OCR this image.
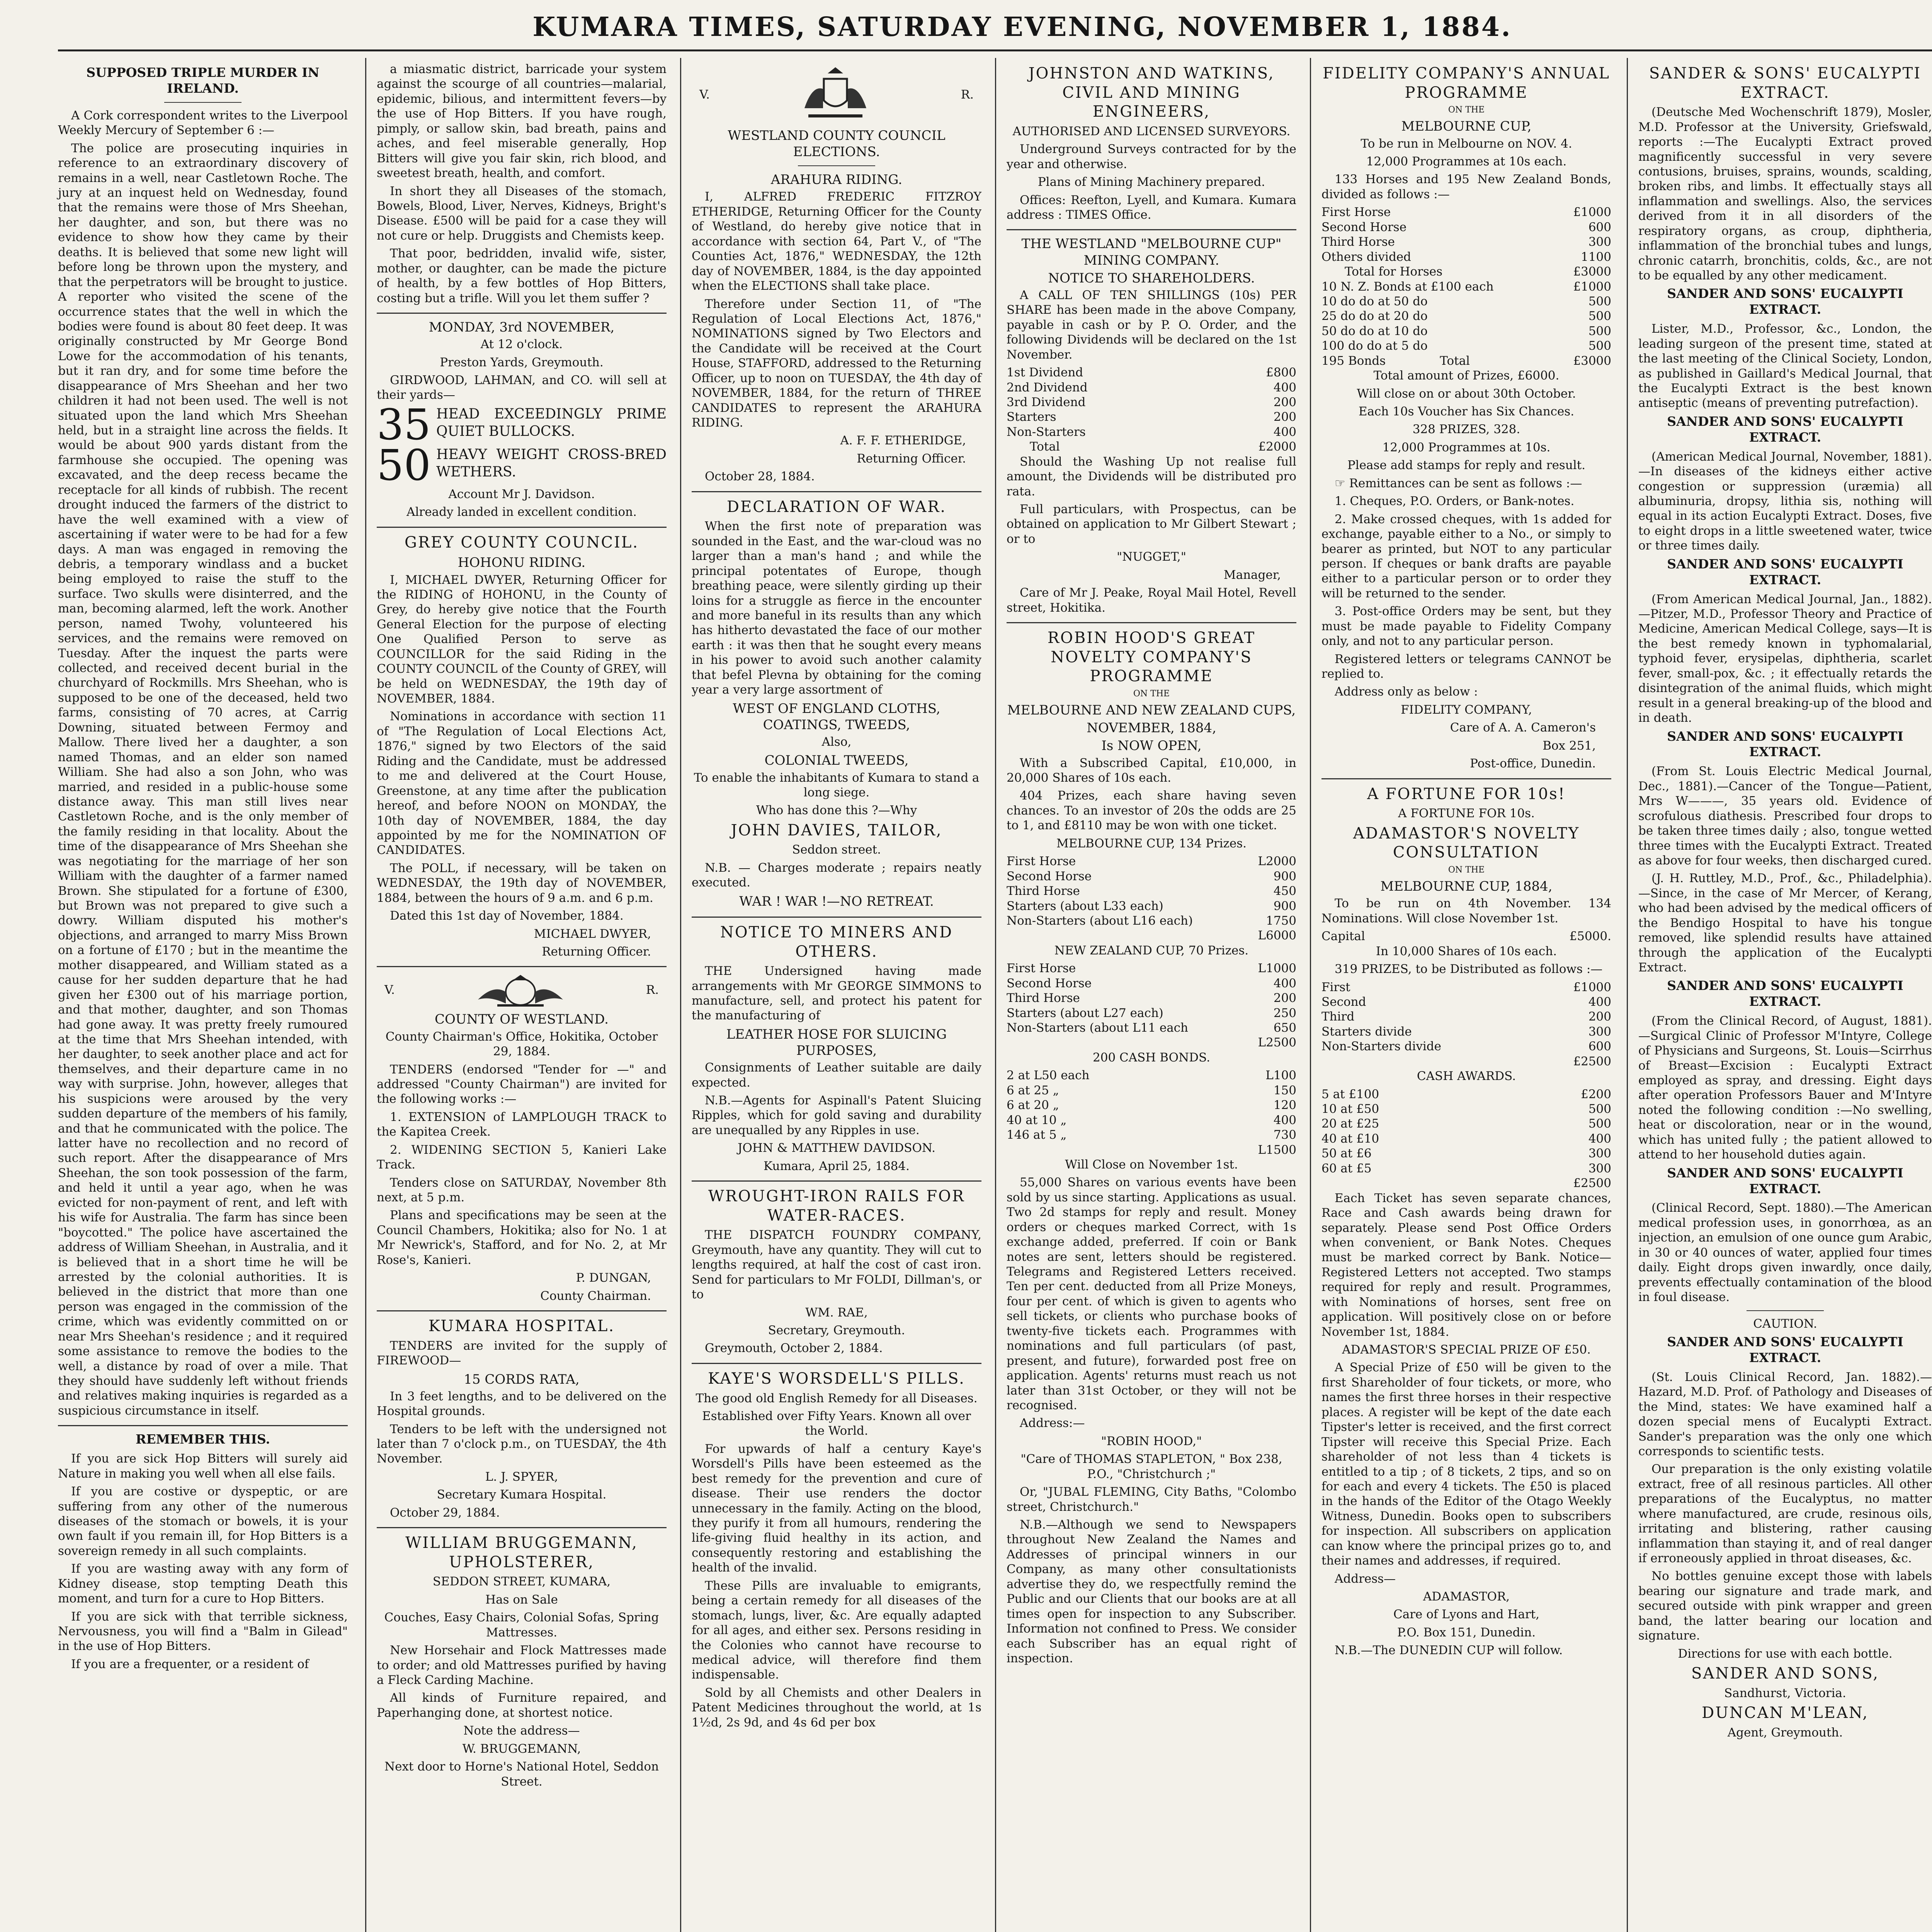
KUMARA TIMES, SATURDAY EVENING, NOVEMBER 1, 1884.

SUPPOSED TRIPLE MURDER IN IRELAND.

A Cork correspondent writes to the Liverpool Weekly Mercury of September 6 :—

The police are prosecuting inquiries in reference to an extraordinary discovery of remains in a well, near Castletown Roche. The jury at an inquest held on Wednesday, found that the remains were those of Mrs Sheehan, her daughter, and son, but there was no evidence to show how they came by their deaths. It is believed that some new light will before long be thrown upon the mystery, and that the perpetrators will be brought to justice. A reporter who visited the scene of the occurrence states that the well in which the bodies were found is about 80 feet deep. It was originally constructed by Mr George Bond Lowe for the accommodation of his tenants, but it ran dry, and for some time before the disappearance of Mrs Sheehan and her two children it had not been used. The well is not situated upon the land which Mrs Sheehan held, but in a straight line across the fields. It would be about 900 yards distant from the farmhouse she occupied. The opening was excavated, and the deep recess became the receptacle for all kinds of rubbish. The recent drought induced the farmers of the district to have the well examined with a view of ascertaining if water were to be had for a few days. A man was engaged in removing the debris, a temporary windlass and a bucket being employed to raise the stuff to the surface. Two skulls were disinterred, and the man, becoming alarmed, left the work. Another person, named Twohy, volunteered his services, and the remains were removed on Tuesday. After the inquest the parts were collected, and received decent burial in the churchyard of Rockmills. Mrs Sheehan, who is supposed to be one of the deceased, held two farms, consisting of 70 acres, at Carrig Downing, situated between Fermoy and Mallow. There lived her a daughter, a son named Thomas, and an elder son named William. She had also a son John, who was married, and resided in a public-house some distance away. This man still lives near Castletown Roche, and is the only member of the family residing in that locality. About the time of the disappearance of Mrs Sheehan she was negotiating for the marriage of her son William with the daughter of a farmer named Brown. She stipulated for a fortune of £300, but Brown was not prepared to give such a dowry. William disputed his mother's objections, and arranged to marry Miss Brown on a fortune of £170 ; but in the meantime the mother disappeared, and William stated as a cause for her sudden departure that he had given her £300 out of his marriage portion, and that mother, daughter, and son Thomas had gone away. It was pretty freely rumoured at the time that Mrs Sheehan intended, with her daughter, to seek another place and act for themselves, and their departure came in no way with surprise. John, however, alleges that his suspicions were aroused by the very sudden departure of the members of his family, and that he communicated with the police. The latter have no recollection and no record of such report. After the disappearance of Mrs Sheehan, the son took possession of the farm, and held it until a year ago, when he was evicted for non-payment of rent, and left with his wife for Australia. The farm has since been "boycotted." The police have ascertained the address of William Sheehan, in Australia, and it is believed that in a short time he will be arrested by the colonial authorities. It is believed in the district that more than one person was engaged in the commission of the crime, which was evidently committed on or near Mrs Sheehan's residence ; and it required some assistance to remove the bodies to the well, a distance by road of over a mile. That they should have suddenly left without friends and relatives making inquiries is regarded as a suspicious circumstance in itself.

REMEMBER THIS.

If you are sick Hop Bitters will surely aid Nature in making you well when all else fails.

If you are costive or dyspeptic, or are suffering from any other of the numerous diseases of the stomach or bowels, it is your own fault if you remain ill, for Hop Bitters is a sovereign remedy in all such complaints.

If you are wasting away with any form of Kidney disease, stop tempting Death this moment, and turn for a cure to Hop Bitters.

If you are sick with that terrible sickness, Nervousness, you will find a "Balm in Gilead" in the use of Hop Bitters.

If you are a frequenter, or a resident of

a miasmatic district, barricade your system against the scourge of all countries—malarial, epidemic, bilious, and intermittent fevers—by the use of Hop Bitters. If you have rough, pimply, or sallow skin, bad breath, pains and aches, and feel miserable generally, Hop Bitters will give you fair skin, rich blood, and sweetest breath, health, and comfort.

In short they all Diseases of the stomach, Bowels, Blood, Liver, Nerves, Kidneys, Bright's Disease. £500 will be paid for a case they will not cure or help. Druggists and Chemists keep.

That poor, bedridden, invalid wife, sister, mother, or daughter, can be made the picture of health, by a few bottles of Hop Bitters, costing but a trifle. Will you let them suffer ?

MONDAY, 3rd NOVEMBER,

At 12 o'clock.

Preston Yards, Greymouth.

GIRDWOOD, LAHMAN, and CO. will sell at their yards—

35 HEAD EXCEEDINGLY PRIME QUIET BULLOCKS.
50 HEAVY WEIGHT CROSS-BRED WETHERS.

Account Mr J. Davidson.

Already landed in excellent condition.

GREY COUNTY COUNCIL.

HOHONU RIDING.

I, MICHAEL DWYER, Returning Officer for the RIDING of HOHONU, in the County of Grey, do hereby give notice that the Fourth General Election for the purpose of electing One Qualified Person to serve as COUNCILLOR for the said Riding in the COUNTY COUNCIL of the County of GREY, will be held on WEDNESDAY, the 19th day of NOVEMBER, 1884.

Nominations in accordance with section 11 of "The Regulation of Local Elections Act, 1876," signed by two Electors of the said Riding and the Candidate, must be addressed to me and delivered at the Court House, Greenstone, at any time after the publication hereof, and before NOON on MONDAY, the 10th day of NOVEMBER, 1884, the day appointed by me for the NOMINATION OF CANDIDATES.

The POLL, if necessary, will be taken on WEDNESDAY, the 19th day of NOVEMBER, 1884, between the hours of 9 a.m. and 6 p.m.

Dated this 1st day of November, 1884.

MICHAEL DWYER,

Returning Officer.

V.	R.

COUNTY OF WESTLAND.

County Chairman's Office, Hokitika, October 29, 1884.

TENDERS (endorsed "Tender for —" and addressed "County Chairman") are invited for the following works :—

1. EXTENSION of LAMPLOUGH TRACK to the Kapitea Creek.

2. WIDENING SECTION 5, Kanieri Lake Track.

Tenders close on SATURDAY, November 8th next, at 5 p.m.

Plans and specifications may be seen at the Council Chambers, Hokitika; also for No. 1 at Mr Newrick's, Stafford, and for No. 2, at Mr Rose's, Kanieri.

P. DUNGAN,

County Chairman.

KUMARA HOSPITAL.

TENDERS are invited for the supply of FIREWOOD—

15 CORDS RATA,

In 3 feet lengths, and to be delivered on the Hospital grounds.

Tenders to be left with the undersigned not later than 7 o'clock p.m., on TUESDAY, the 4th November.

L. J. SPYER,

Secretary Kumara Hospital.

October 29, 1884.

WILLIAM BRUGGEMANN, UPHOLSTERER,

SEDDON STREET, KUMARA,

Has on Sale

Couches, Easy Chairs, Colonial Sofas, Spring Mattresses.

New Horsehair and Flock Mattresses made to order; and old Mattresses purified by having a Fleck Carding Machine.

All kinds of Furniture repaired, and Paperhanging done, at shortest notice.

Note the address—

W. BRUGGEMANN,

Next door to Horne's National Hotel, Seddon Street.

V.	R.

WESTLAND COUNTY COUNCIL ELECTIONS.

ARAHURA RIDING.

I, ALFRED FREDERIC FITZROY ETHERIDGE, Returning Officer for the County of Westland, do hereby give notice that in accordance with section 64, Part V., of "The Counties Act, 1876," WEDNESDAY, the 12th day of NOVEMBER, 1884, is the day appointed when the ELECTIONS shall take place.

Therefore under Section 11, of "The Regulation of Local Elections Act, 1876," NOMINATIONS signed by Two Electors and the Candidate will be received at the Court House, STAFFORD, addressed to the Returning Officer, up to noon on TUESDAY, the 4th day of NOVEMBER, 1884, for the return of THREE CANDIDATES to represent the ARAHURA RIDING.

A. F. F. ETHERIDGE,

Returning Officer.

October 28, 1884.

DECLARATION OF WAR.

When the first note of preparation was sounded in the East, and the war-cloud was no larger than a man's hand ; and while the principal potentates of Europe, though breathing peace, were silently girding up their loins for a struggle as fierce in the encounter and more baneful in its results than any which has hitherto devastated the face of our mother earth : it was then that he sought every means in his power to avoid such another calamity that befel Plevna by obtaining for the coming year a very large assortment of

WEST OF ENGLAND CLOTHS, COATINGS, TWEEDS,

Also,

COLONIAL TWEEDS,

To enable the inhabitants of Kumara to stand a long siege.

Who has done this ?—Why

JOHN DAVIES, TAILOR,

Seddon street.

N.B. — Charges moderate ; repairs neatly executed.

WAR ! WAR !—NO RETREAT.

NOTICE TO MINERS AND OTHERS.

THE Undersigned having made arrangements with Mr GEORGE SIMMONS to manufacture, sell, and protect his patent for the manufacturing of

LEATHER HOSE FOR SLUICING PURPOSES,

Consignments of Leather suitable are daily expected.

N.B.—Agents for Aspinall's Patent Sluicing Ripples, which for gold saving and durability are unequalled by any Ripples in use.

JOHN & MATTHEW DAVIDSON.

Kumara, April 25, 1884.

WROUGHT-IRON RAILS FOR WATER-RACES.

THE DISPATCH FOUNDRY COMPANY, Greymouth, have any quantity. They will cut to lengths required, at half the cost of cast iron. Send for particulars to Mr FOLDI, Dillman's, or to

WM. RAE,

Secretary, Greymouth.

Greymouth, October 2, 1884.

KAYE'S WORSDELL'S PILLS.

The good old English Remedy for all Diseases.

Established over Fifty Years. Known all over the World.

For upwards of half a century Kaye's Worsdell's Pills have been esteemed as the best remedy for the prevention and cure of disease. Their use renders the doctor unnecessary in the family. Acting on the blood, they purify it from all humours, rendering the life-giving fluid healthy in its action, and consequently restoring and establishing the health of the invalid.

These Pills are invaluable to emigrants, being a certain remedy for all diseases of the stomach, lungs, liver, &c. Are equally adapted for all ages, and either sex. Persons residing in the Colonies who cannot have recourse to medical advice, will therefore find them indispensable.

Sold by all Chemists and other Dealers in Patent Medicines throughout the world, at 1s 1½d, 2s 9d, and 4s 6d per box

JOHNSTON AND WATKINS, CIVIL AND MINING ENGINEERS,

AUTHORISED AND LICENSED SURVEYORS.

Underground Surveys contracted for by the year and otherwise.

Plans of Mining Machinery prepared.

Offices: Reefton, Lyell, and Kumara. Kumara address : TIMES Office.

THE WESTLAND "MELBOURNE CUP" MINING COMPANY.

NOTICE TO SHAREHOLDERS.

A CALL OF TEN SHILLINGS (10s) PER SHARE has been made in the above Company, payable in cash or by P. O. Order, and the following Dividends will be declared on the 1st November.

1st Dividend	£800
2nd Dividend	400
3rd Dividend	200
Starters	200
Non-Starters	400
Total	£2000

Should the Washing Up not realise full amount, the Dividends will be distributed pro rata.

Full particulars, with Prospectus, can be obtained on application to Mr Gilbert Stewart ; or to

"NUGGET,"

Manager,

Care of Mr J. Peake, Royal Mail Hotel, Revell street, Hokitika.

ROBIN HOOD'S GREAT NOVELTY COMPANY'S PROGRAMME

ON THE

MELBOURNE AND NEW ZEALAND CUPS,

NOVEMBER, 1884,

Is NOW OPEN,

With a Subscribed Capital, £10,000, in 20,000 Shares of 10s each.

404 Prizes, each share having seven chances. To an investor of 20s the odds are 25 to 1, and £8110 may be won with one ticket.

MELBOURNE CUP, 134 Prizes.

First Horse	L2000
Second Horse	900
Third Horse	450
Starters (about L33 each)	900
Non-Starters (about L16 each)	1750
	L6000

NEW ZEALAND CUP, 70 Prizes.

First Horse	L1000
Second Horse	400
Third Horse	200
Starters (about L27 each)	250
Non-Starters (about L11 each	650
	L2500

200 CASH BONDS.

2 at L50 each	L100
6 at 25 „	150
6 at 20 „	120
40 at 10 „	400
146 at 5 „	730
	L1500

Will Close on November 1st.

55,000 Shares on various events have been sold by us since starting. Applications as usual. Two 2d stamps for reply and result. Money orders or cheques marked Correct, with 1s exchange added, preferred. If coin or Bank notes are sent, letters should be registered. Telegrams and Registered Letters received. Ten per cent. deducted from all Prize Moneys, four per cent. of which is given to agents who sell tickets, or clients who purchase books of twenty-five tickets each. Programmes with nominations and full particulars (of past, present, and future), forwarded post free on application. Agents' returns must reach us not later than 31st October, or they will not be recognised.

Address:—

"ROBIN HOOD,"

"Care of THOMAS STAPLETON, " Box 238, P.O., "Christchurch ;"

Or, "JUBAL FLEMING, City Baths, "Colombo street, Christchurch."

N.B.—Although we send to Newspapers throughout New Zealand the Names and Addresses of principal winners in our Company, as many other consultationists advertise they do, we respectfully remind the Public and our Clients that our books are at all times open for inspection to any Subscriber. Information not confined to Press. We consider each Subscriber has an equal right of inspection.

FIDELITY COMPANY'S ANNUAL PROGRAMME

ON THE

MELBOURNE CUP,

To be run in Melbourne on NOV. 4.

12,000 Programmes at 10s each.

133 Horses and 195 New Zealand Bonds, divided as follows :—

First Horse	£1000
Second Horse	600
Third Horse	300
Others divided	1100
Total for Horses	£3000
10 N. Z. Bonds at £100 each	£1000
10 do do at 50 do	500
25 do do at 20 do	500
50 do do at 10 do	500
100 do do at 5 do	500
195 Bonds Total	£3000

Total amount of Prizes, £6000.

Will close on or about 30th October.

Each 10s Voucher has Six Chances.

328 PRIZES, 328.

12,000 Programmes at 10s.

Please add stamps for reply and result.

☞ Remittances can be sent as follows :—

1. Cheques, P.O. Orders, or Bank-notes.

2. Make crossed cheques, with 1s added for exchange, payable either to a No., or simply to bearer as printed, but NOT to any particular person. If cheques or bank drafts are payable either to a particular person or to order they will be returned to the sender.

3. Post-office Orders may be sent, but they must be made payable to Fidelity Company only, and not to any particular person.

Registered letters or telegrams CANNOT be replied to.

Address only as below :

FIDELITY COMPANY,

Care of A. A. Cameron's

Box 251,

Post-office, Dunedin.

A FORTUNE FOR 10s!

A FORTUNE FOR 10s.

ADAMASTOR'S NOVELTY CONSULTATION

ON THE

MELBOURNE CUP, 1884,

To be run on 4th November. 134 Nominations. Will close November 1st.

Capital	£5000.

In 10,000 Shares of 10s each.

319 PRIZES, to be Distributed as follows :—

First	£1000
Second	400
Third	200
Starters divide	300
Non-Starters divide	600
	£2500

CASH AWARDS.

5 at £100	£200
10 at £50	500
20 at £25	500
40 at £10	400
50 at £6	300
60 at £5	300
	£2500

Each Ticket has seven separate chances, Race and Cash awards being drawn for separately. Please send Post Office Orders when convenient, or Bank Notes. Cheques must be marked correct by Bank. Notice—Registered Letters not accepted. Two stamps required for reply and result. Programmes, with Nominations of horses, sent free on application. Will positively close on or before November 1st, 1884.

ADAMASTOR'S SPECIAL PRIZE OF £50.

A Special Prize of £50 will be given to the first Shareholder of four tickets, or more, who names the first three horses in their respective places. A register will be kept of the date each Tipster's letter is received, and the first correct Tipster will receive this Special Prize. Each shareholder of not less than 4 tickets is entitled to a tip ; of 8 tickets, 2 tips, and so on for each and every 4 tickets. The £50 is placed in the hands of the Editor of the Otago Weekly Witness, Dunedin. Books open to subscribers for inspection. All subscribers on application can know where the principal prizes go to, and their names and addresses, if required.

Address—

ADAMASTOR,

Care of Lyons and Hart,

P.O. Box 151, Dunedin.

N.B.—The DUNEDIN CUP will follow.

SANDER & SONS' EUCALYPTI EXTRACT.

(Deutsche Med Wochenschrift 1879), Mosler, M.D. Professor at the University, Griefswald, reports :—The Eucalypti Extract proved magnificently successful in very severe contusions, bruises, sprains, wounds, scalding, broken ribs, and limbs. It effectually stays all inflammation and swellings. Also, the services derived from it in all disorders of the respiratory organs, as croup, diphtheria, inflammation of the bronchial tubes and lungs, chronic catarrh, bronchitis, colds, &c., are not to be equalled by any other medicament.

SANDER AND SONS' EUCALYPTI EXTRACT.

Lister, M.D., Professor, &c., London, the leading surgeon of the present time, stated at the last meeting of the Clinical Society, London, as published in Gaillard's Medical Journal, that the Eucalypti Extract is the best known antiseptic (means of preventing putrefaction).

SANDER AND SONS' EUCALYPTI EXTRACT.

(American Medical Journal, November, 1881).—In diseases of the kidneys either active congestion or suppression (uræmia) all albuminuria, dropsy, lithia sis, nothing will equal in its action Eucalypti Extract. Doses, five to eight drops in a little sweetened water, twice or three times daily.

SANDER AND SONS' EUCALYPTI EXTRACT.

(From American Medical Journal, Jan., 1882).—Pitzer, M.D., Professor Theory and Practice of Medicine, American Medical College, says—It is the best remedy known in typhomalarial, typhoid fever, erysipelas, diphtheria, scarlet fever, small-pox, &c. ; it effectually retards the disintegration of the animal fluids, which might result in a general breaking-up of the blood and in death.

SANDER AND SONS' EUCALYPTI EXTRACT.

(From St. Louis Electric Medical Journal, Dec., 1881).—Cancer of the Tongue—Patient, Mrs W———, 35 years old. Evidence of scrofulous diathesis. Prescribed four drops to be taken three times daily ; also, tongue wetted three times with the Eucalypti Extract. Treated as above for four weeks, then discharged cured.

(J. H. Ruttley, M.D., Prof., &c., Philadelphia).—Since, in the case of Mr Mercer, of Kerang, who had been advised by the medical officers of the Bendigo Hospital to have his tongue removed, like splendid results have attained through the application of the Eucalypti Extract.

SANDER AND SONS' EUCALYPTI EXTRACT.

(From the Clinical Record, of August, 1881).—Surgical Clinic of Professor M'Intyre, College of Physicians and Surgeons, St. Louis—Scirrhus of Breast—Excision : Eucalypti Extract employed as spray, and dressing. Eight days after operation Professors Bauer and M'Intyre noted the following condition :—No swelling, heat or discoloration, near or in the wound, which has united fully ; the patient allowed to attend to her household duties again.

SANDER AND SONS' EUCALYPTI EXTRACT.

(Clinical Record, Sept. 1880).—The American medical profession uses, in gonorrhœa, as an injection, an emulsion of one ounce gum Arabic, in 30 or 40 ounces of water, applied four times daily. Eight drops given inwardly, once daily, prevents effectually contamination of the blood in foul disease.

CAUTION.

SANDER AND SONS' EUCALYPTI EXTRACT.

(St. Louis Clinical Record, Jan. 1882).—Hazard, M.D. Prof. of Pathology and Diseases of the Mind, states: We have examined half a dozen special mens of Eucalypti Extract. Sander's preparation was the only one which corresponds to scientific tests.

Our preparation is the only existing volatile extract, free of all resinous particles. All other preparations of the Eucalyptus, no matter where manufactured, are crude, resinous oils, irritating and blistering, rather causing inflammation than staying it, and of real danger if erroneously applied in throat diseases, &c.

No bottles genuine except those with labels bearing our signature and trade mark, and secured outside with pink wrapper and green band, the latter bearing our location and signature.

Directions for use with each bottle.

SANDER AND SONS,

Sandhurst, Victoria.

DUNCAN M'LEAN,

Agent, Greymouth.
